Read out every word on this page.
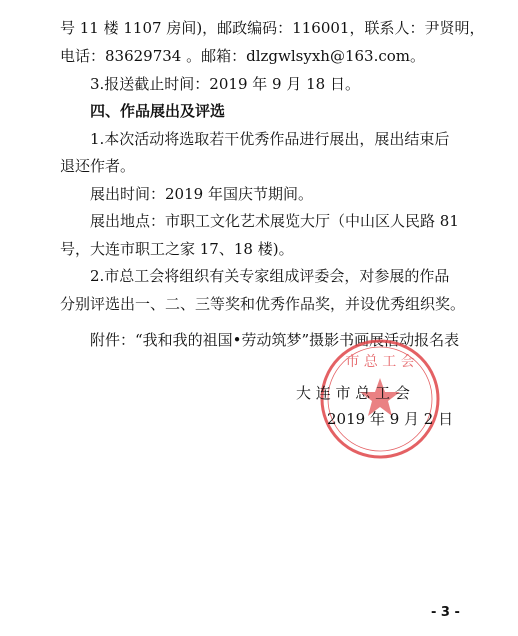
号 11 楼 1107 房间)，邮政编码：116001，联系人：尹贤明，
电话：83629734 。邮箱：dlzgwlsyxh@163.com。
3.报送截止时间：2019 年 9 月 18 日。
四、作品展出及评选
1.本次活动将选取若干优秀作品进行展出，展出结束后
退还作者。
展出时间：2019 年国庆节期间。
展出地点：市职工文化艺术展览大厅（中山区人民路 81
号，大连市职工之家 17、18 楼)。
2.市总工会将组织有关专家组成评委会，对参展的作品
分别评选出一、二、三等奖和优秀作品奖，并设优秀组织奖。
附件：“我和我的祖国•劳动筑梦”摄影书画展活动报名表
市 总 工 会
大 连 市 总 工 会
2019 年 9 月 2 日
- 3 -
